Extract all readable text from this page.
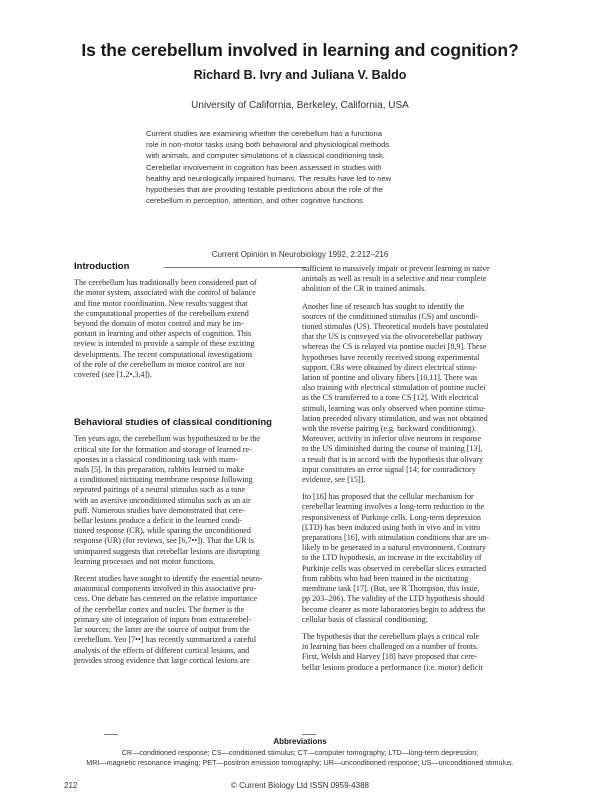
Is the cerebellum involved in learning and cognition?
Richard B. Ivry and Juliana V. Baldo
University of California, Berkeley, California, USA
Current studies are examining whether the cerebellum has a functiona
role in non-motor tasks using both behavioral and physiological methods
with animals, and computer simulations of a classical conditioning task.
Cerebellar involvement in cognition has been assessed in studies with
healthy and neurologically impaired humans. The results have led to new
hypotheses that are providing testable predictions about the role of the
cerebellum in perception, attention, and other cognitive functions
Current Opinion in Neurobiology 1992, 2:212–216
Introduction
The cerebellum has traditionally been considered part of
the motor system, associated with the control of balance
and fine motor coordination. New results suggest that
the computational properties of the cerebellum extend
beyond the domain of motor control and may be im-
portant in learning and other aspects of cognition. This
review is intended to provide a sample of these exciting
developments. The recent computational investigations
of the role of the cerebellum in motor control are not
covered (see [1,2•,3,4]).
Behavioral studies of classical conditioning
Ten years ago, the cerebellum was hypothesized to be the
critical site for the formation and storage of learned re-
sponses in a classical conditioning task with mam-
mals [5]. In this preparation, rabbits learned to make
a conditioned nictitating membrane response following
repeated pairings of a neutral stimulus such as a tone
with an aversive unconditioned stimulus such as an air
puff. Numerous studies have demonstrated that cere-
bellar lesions produce a deficit in the learned condi-
tioned response (CR), while sparing the unconditioned
response (UR) (for reviews, see [6,7••]). That the UR is
unimpaired suggests that cerebellar lesions are disrupting
learning processes and not motor functions.
Recent studies have sought to identify the essential neuro-
anatomical components involved in this associative pro-
cess. One debate has centered on the relative importance
of the cerebellar cortex and nuclei. The former is the
primary site of integration of inputs from extracerebel-
lar sources; the latter are the source of output from the
cerebellum. Yeo [7••] has recently summarized a careful
analysis of the effects of different cortical lesions, and
provides strong evidence that large cortical lesions are
sufficient to massively impair or prevent learning in naive
animals as well as result in a selective and near complete
abolition of the CR in trained animals.
Another line of research has sought to identify the
sources of the conditioned stimulus (CS) and uncondi-
tioned stimulus (US). Theoretical models have postulated
that the US is conveyed via the olivocerebellar pathway
whereas the CS is relayed via pontine nuclei [8,9]. These
hypotheses have recently received strong experimental
support. CRs were obtained by direct electrical stimu-
lation of pontine and olivary fibers [10,11]. There was
also training with electrical stimulation of pontine nuclei
as the CS transferred to a tone CS [12]. With electrical
stimuli, learning was only observed when pontine stimu-
lation preceded olivary stimulation, and was not obtained
with the reverse pairing (e.g. backward conditioning).
Moreover, activity in inferior olive neurons in response
to the US diminished during the course of training [13],
a result that is in accord with the hypothesis that olivary
input constitutes an error signal [14; for contradictory
evidence, see [15]].
Ito [16] has proposed that the cellular mechanism for
cerebellar learning involves a long-term reduction in the
responsiveness of Purkinje cells. Long-term depression
(LTD) has been induced using both in vivo and in vitro
preparations [16], with stimulation conditions that are un-
likely to be generated in a natural environment. Contrary
to the LTD hypothesis, an increase in the excitability of
Purkinje cells was observed in cerebellar slices extracted
from rabbits who had been trained in the nictitating
membrane task [17]. (But, see R Thompson, this issue,
pp 203–206). The validity of the LTD hypothesis should
become clearer as more laboratories begin to address the
cellular basis of classical conditioning.
The hypothesis that the cerebellum plays a critical role
in learning has been challenged on a number of fronts.
First, Welsh and Harvey [18] have proposed that cere-
bellar lesions produce a performance (i.e. motor) deficit
Abbreviations
CR—conditioned response; CS—conditioned stimulus; CT—computer tomography; LTD—long-term depression;
MRI—magnetic resonance imaging; PET—positron emission tomography; UR—unconditioned response; US—unconditioned stimulus.
212	© Current Biology Ltd ISSN 0959-4388
